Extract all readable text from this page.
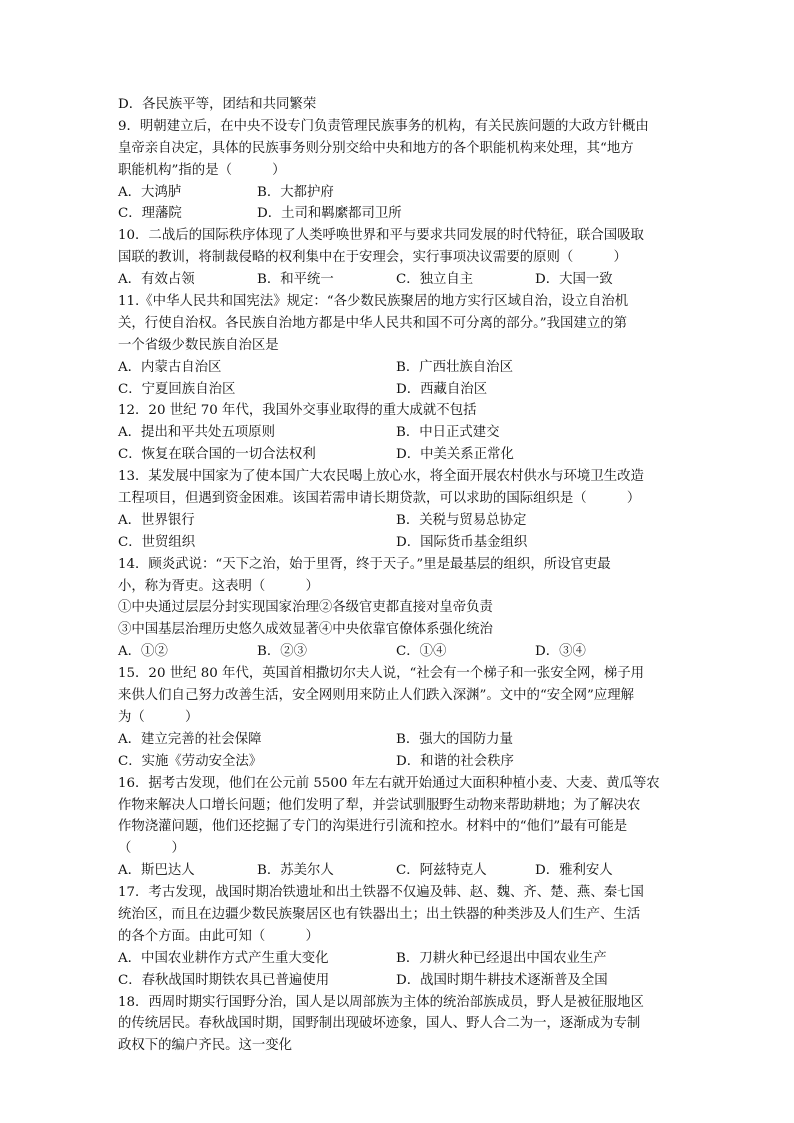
D．各民族平等，团结和共同繁荣
9．明朝建立后，在中央不设专门负责管理民族事务的机构，有关民族问题的大政方针概由
皇帝亲自决定，具体的民族事务则分别交给中央和地方的各个职能机构来处理，其“地方
职能机构”指的是（　　　）
A．大鸿胪	B．大都护府
C．理藩院	D．土司和羁縻都司卫所
10．二战后的国际秩序体现了人类呼唤世界和平与要求共同发展的时代特征，联合国吸取
国联的教训，将制裁侵略的权利集中在于安理会，实行事项决议需要的原则（　　　）
A．有效占领	B．和平统一	C．独立自主	D．大国一致
11.《中华人民共和国宪法》规定：“各少数民族聚居的地方实行区域自治，设立自治机
关，行使自治权。各民族自治地方都是中华人民共和国不可分离的部分。”我国建立的第
一个省级少数民族自治区是
A．内蒙古自治区	B．广西壮族自治区
C．宁夏回族自治区	D．西藏自治区
12．20 世纪 70 年代，我国外交事业取得的重大成就不包括
A．提出和平共处五项原则	B．中日正式建交
C．恢复在联合国的一切合法权利	D．中美关系正常化
13．某发展中国家为了使本国广大农民喝上放心水，将全面开展农村供水与环境卫生改造
工程项目，但遇到资金困难。该国若需申请长期贷款，可以求助的国际组织是（　　　）
A．世界银行	B．关税与贸易总协定
C．世贸组织	D．国际货币基金组织
14．顾炎武说：“天下之治，始于里胥，终于天子。”里是最基层的组织，所设官吏最
小，称为胥吏。这表明（　　　）
①中央通过层层分封实现国家治理②各级官吏都直接对皇帝负责
③中国基层治理历史悠久成效显著④中央依靠官僚体系强化统治
A．①②	B．②③	C．①④	D．③④
15．20 世纪 80 年代，英国首相撒切尔夫人说，“社会有一个梯子和一张安全网，梯子用
来供人们自己努力改善生活，安全网则用来防止人们跌入深渊”。文中的“安全网”应理解
为（　　　）
A．建立完善的社会保障	B．强大的国防力量
C．实施《劳动安全法》	D．和谐的社会秩序
16．据考古发现，他们在公元前 5500 年左右就开始通过大面积种植小麦、大麦、黄瓜等农
作物来解决人口增长问题；他们发明了犁，并尝试驯服野生动物来帮助耕地；为了解决农
作物浇灌问题，他们还挖掘了专门的沟渠进行引流和控水。材料中的“他们”最有可能是
（　　　）
A．斯巴达人	B．苏美尔人	C．阿兹特克人	D．雅利安人
17．考古发现，战国时期冶铁遗址和出土铁器不仅遍及韩、赵、魏、齐、楚、燕、秦七国
统治区，而且在边疆少数民族聚居区也有铁器出土；出土铁器的种类涉及人们生产、生活
的各个方面。由此可知（　　　）
A．中国农业耕作方式产生重大变化	B．刀耕火种已经退出中国农业生产
C．春秋战国时期铁农具已普遍使用	D．战国时期牛耕技术逐渐普及全国
18．西周时期实行国野分治，国人是以周部族为主体的统治部族成员，野人是被征服地区
的传统居民。春秋战国时期，国野制出现破坏迹象，国人、野人合二为一，逐渐成为专制
政权下的编户齐民。这一变化
